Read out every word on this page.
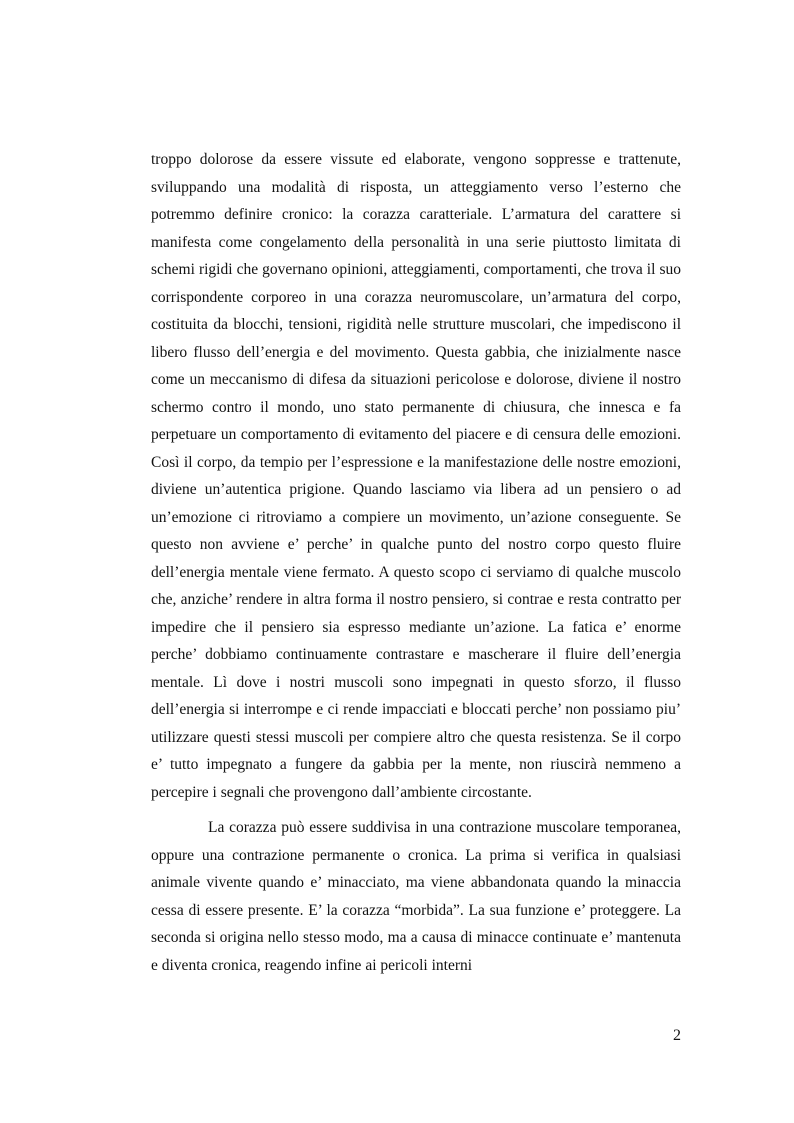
troppo dolorose da essere vissute ed elaborate, vengono soppresse e trattenute, sviluppando una modalità di risposta, un atteggiamento verso l’esterno che potremmo definire cronico: la corazza caratteriale. L’armatura del carattere si manifesta come congelamento della personalità in una serie piuttosto limitata di schemi rigidi che governano opinioni, atteggiamenti, comportamenti, che trova il suo corrispondente corporeo in una corazza neuromuscolare, un’armatura del corpo, costituita da blocchi, tensioni, rigidità nelle strutture muscolari, che impediscono il libero flusso dell’energia e del movimento. Questa gabbia, che inizialmente nasce come un meccanismo di difesa da situazioni pericolose e dolorose, diviene il nostro schermo contro il mondo, uno stato permanente di chiusura, che innesca e fa perpetuare un comportamento di evitamento del piacere e di censura delle emozioni. Così il corpo, da tempio per l’espressione e la manifestazione delle nostre emozioni, diviene un’autentica prigione. Quando lasciamo via libera ad un pensiero o ad un’emozione ci ritroviamo a compiere un movimento, un’azione conseguente. Se questo non avviene e’ perche’ in qualche punto del nostro corpo questo fluire dell’energia mentale viene fermato. A questo scopo ci serviamo di qualche muscolo che, anziche’ rendere in altra forma il nostro pensiero, si contrae e resta contratto per impedire che il pensiero sia espresso mediante un’azione. La fatica e’ enorme perche’ dobbiamo continuamente contrastare e mascherare il fluire dell’energia mentale. Lì dove i nostri muscoli sono impegnati in questo sforzo, il flusso dell’energia si interrompe e ci rende impacciati e bloccati perche’ non possiamo piu’ utilizzare questi stessi muscoli per compiere altro che questa resistenza. Se il corpo e’ tutto impegnato a fungere da gabbia per la mente, non riuscirà nemmeno a percepire i segnali che provengono dall’ambiente circostante.

La corazza può essere suddivisa in una contrazione muscolare temporanea, oppure una contrazione permanente o cronica. La prima si verifica in qualsiasi animale vivente quando e’ minacciato, ma viene abbandonata quando la minaccia cessa di essere presente. E’ la corazza “morbida”. La sua funzione e’ proteggere. La seconda si origina nello stesso modo, ma a causa di minacce continuate e’ mantenuta e diventa cronica, reagendo infine ai pericoli interni

2
